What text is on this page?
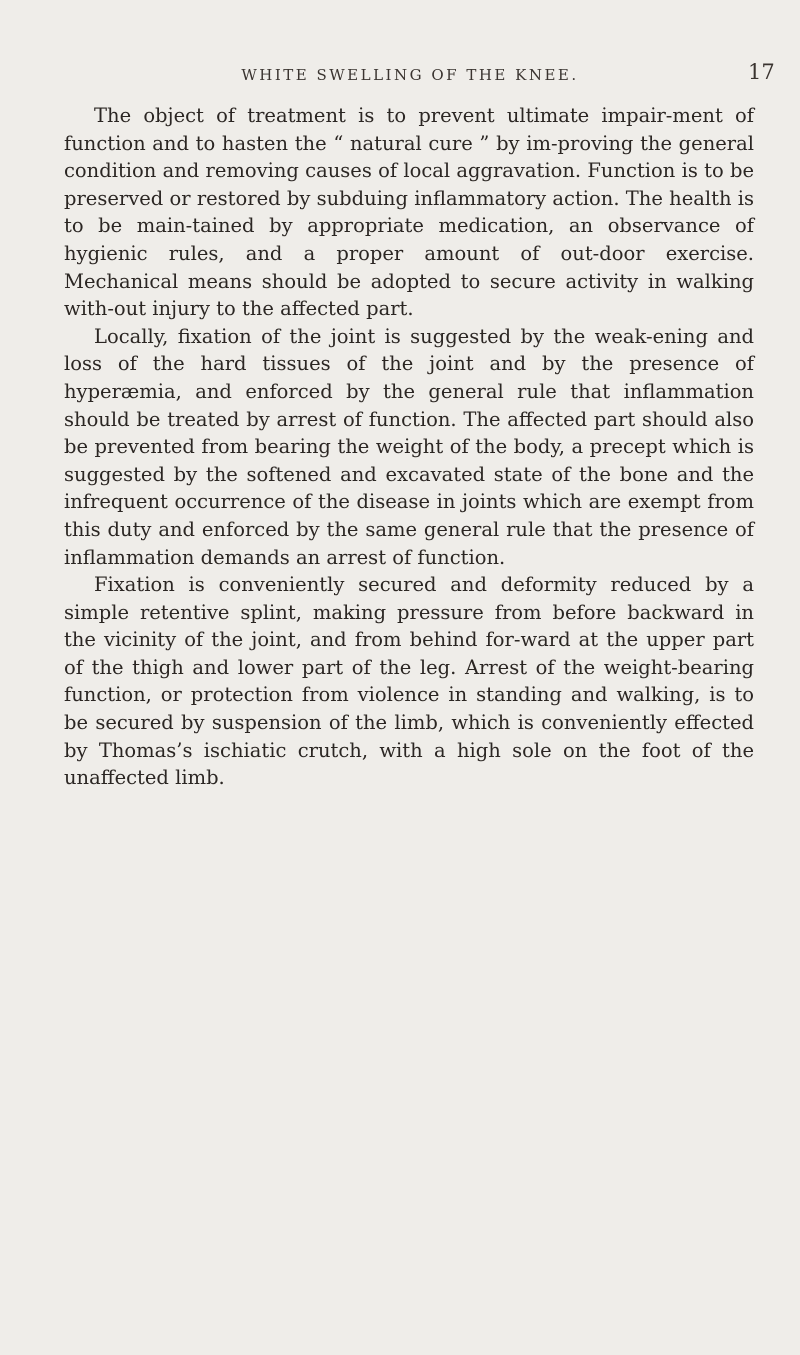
WHITE SWELLING OF THE KNEE.	17

The object of treatment is to prevent ultimate impair-ment of function and to hasten the “ natural cure ” by im-proving the general condition and removing causes of local aggravation. Function is to be preserved or restored by subduing inflammatory action. The health is to be main-tained by appropriate medication, an observance of hygienic rules, and a proper amount of out-door exercise. Mechanical means should be adopted to secure activity in walking with-out injury to the affected part.

Locally, fixation of the joint is suggested by the weak-ening and loss of the hard tissues of the joint and by the presence of hyperæmia, and enforced by the general rule that inflammation should be treated by arrest of function. The affected part should also be prevented from bearing the weight of the body, a precept which is suggested by the softened and excavated state of the bone and the infrequent occurrence of the disease in joints which are exempt from this duty and enforced by the same general rule that the presence of inflammation demands an arrest of function.

Fixation is conveniently secured and deformity reduced by a simple retentive splint, making pressure from before backward in the vicinity of the joint, and from behind for-ward at the upper part of the thigh and lower part of the leg. Arrest of the weight-bearing function, or protection from violence in standing and walking, is to be secured by suspension of the limb, which is conveniently effected by Thomas’s ischiatic crutch, with a high sole on the foot of the unaffected limb.
